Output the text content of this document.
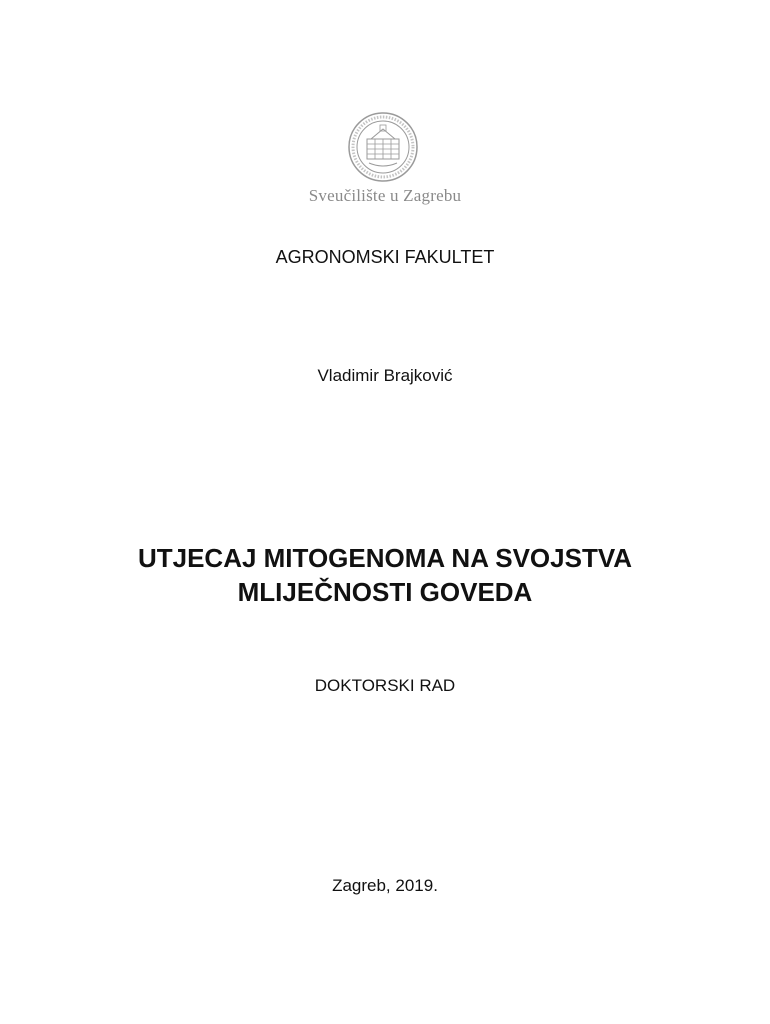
Sveučilište u Zagrebu
AGRONOMSKI FAKULTET
Vladimir Brajković
UTJECAJ MITOGENOMA NA SVOJSTVA
MLIJEČNOSTI GOVEDA
DOKTORSKI RAD
Zagreb, 2019.
